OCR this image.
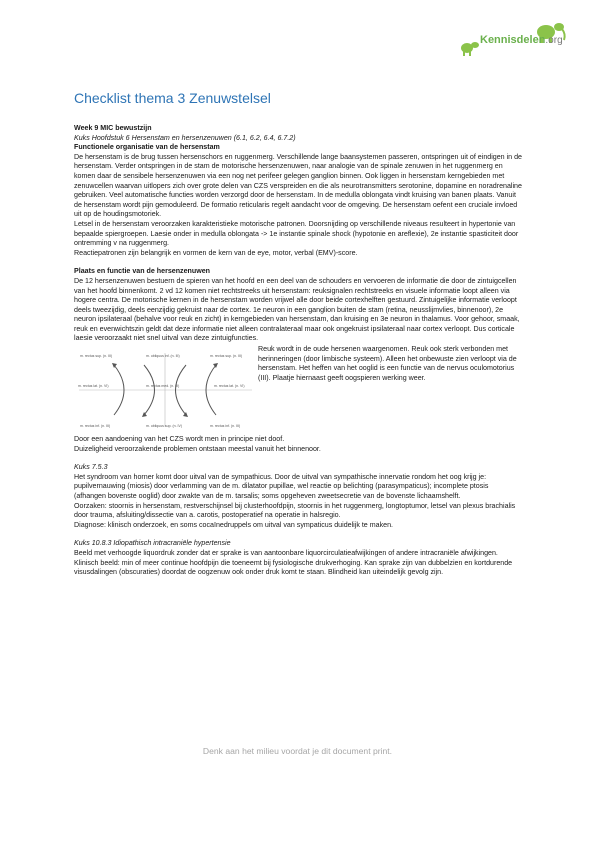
Kennisdelen.org
Checklist thema 3 Zenuwstelsel

Week 9 MIC bewustzijn

Kuks Hoofdstuk 6 Hersenstam en hersenzenuwen (6.1, 6.2, 6.4, 6.7.2)

Functionele organisatie van de hersenstam

De hersenstam is de brug tussen hersenschors en ruggenmerg. Verschillende lange baansystemen passeren, ontspringen uit of eindigen in de hersenstam. Verder ontspringen in de stam de motorische hersenzenuwen, naar analogie van de spinale zenuwen in het ruggenmerg en komen daar de sensibele hersenzenuwen via een nog net perifeer gelegen ganglion binnen. Ook liggen in hersenstam kerngebieden met zenuwcellen waarvan uitlopers zich over grote delen van CZS verspreiden en die als neurotransmitters serotonine, dopamine en noradrenaline gebruiken. Veel automatische functies worden verzorgd door de hersenstam. In de medulla oblongata vindt kruising van banen plaats. Vanuit de hersenstam wordt pijn gemoduleerd. De formatio reticularis regelt aandacht voor de omgeving. De hersenstam oefent een cruciale invloed uit op de houdingsmotoriek.

Letsel in de hersenstam veroorzaken karakteristieke motorische patronen. Doorsnijding op verschillende niveaus resulteert in hypertonie van bepaalde spiergroepen. Laesie onder in medulla oblongata -> 1e instantie spinale shock (hypotonie en areflexie), 2e instantie spasticiteit door ontremming v na ruggenmerg.

Reactiepatronen zijn belangrijk en vormen de kern van de eye, motor, verbal (EMV)-score.

Plaats en functie van de hersenzenuwen

De 12 hersenzenuwen bestuern de spieren van het hoofd en een deel van de schouders en vervoeren de informatie die door de zintuigcellen van het hoofd binnenkomt. 2 vd 12 komen niet rechtstreeks uit hersenstam: reuksignalen rechtstreeks en visuele informatie loopt alleen via hogere centra. De motorische kernen in de hersenstam worden vrijwel alle door beide cortexhelften gestuurd. Zintuigelijke informatie verloopt deels tweezijdig, deels eenzijdig gekruist naar de cortex. 1e neuron in een ganglion buiten de stam (retina, neusslijmvlies, binnenoor), 2e neuron ipsilateraal (behalve voor reuk en zicht) in kerngebieden van hersenstam, dan kruising en 3e neuron in thalamus. Voor gehoor, smaak, reuk en evenwichtszin geldt dat deze informatie niet alleen contralateraal maar ook ongekruist ipsilateraal naar cortex verloopt. Dus corticale laesie veroorzaakt niet snel uitval van deze zintuigfuncties.

m. rectus sup. (n. III)	m. obliquus inf. (n. III)	m. rectus sup. (n. III)
m. rectus lat. (n. VI)	m. rectus med. (n. III)	m. rectus lat. (n. VI)
m. rectus inf. (n. III)	m. obliquus sup. (n. IV)	m. rectus inf. (n. III)

Reuk wordt in de oude hersenen waargenomen. Reuk ook sterk verbonden met herinneringen (door limbische systeem). Alleen het onbewuste zien verloopt via de hersenstam. Het heffen van het ooglid is een functie van de nervus oculomotorius (III). Plaatje hiernaast geeft oogspieren werking weer.

Door een aandoening van het CZS wordt men in principe niet doof.

Duizeligheid veroorzakende problemen ontstaan meestal vanuit het binnenoor.

Kuks 7.5.3

Het syndroom van horner komt door uitval van de sympathicus. Door de uitval van sympathische innervatie rondom het oog krijg je: pupilvernauwing (miosis) door verlamming van de m. dilatator pupillae, wel reactie op belichting (parasympaticus); incomplete ptosis (afhangen bovenste ooglid) door zwakte van de m. tarsalis; soms opgeheven zweetsecretie van de bovenste lichaamshelft.

Oorzaken: stoornis in hersenstam, restverschijnsel bij clusterhoofdpijn, stoornis in het ruggenmerg, longtoptumor, letsel van plexus brachialis door trauma, afsluiting/dissectie van a. carotis, postoperatief na operatie in halsregio.

Diagnose: klinisch onderzoek, en soms cocaïnedruppels om uitval van sympaticus duidelijk te maken.

Kuks 10.8.3 Idiopathisch intracraniële hypertensie

Beeld met verhoogde liquordruk zonder dat er sprake is van aantoonbare liquorcirculatieafwijkingen of andere intracraniële afwijkingen. Klinisch beeld: min of meer continue hoofdpijn die toeneemt bij fysiologische drukverhoging. Kan sprake zijn van dubbelzien en kortdurende visusdalingen (obscuraties) doordat de oogzenuw ook onder druk komt te staan. Blindheid kan uiteindelijk gevolg zijn.

Denk aan het milieu voordat je dit document print.
